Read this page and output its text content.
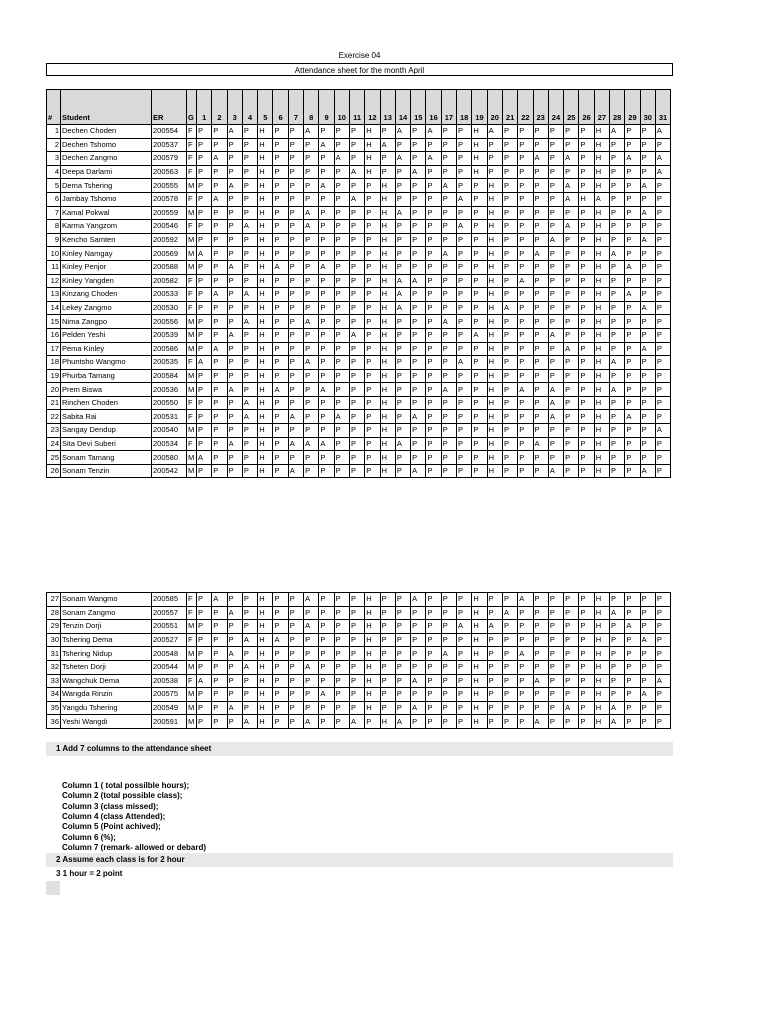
Exercise 04
Attendance sheet for the month April
#	Student	ER	G	1	2	3	4	5	6	7	8	9	10	11	12	13	14	15	16	17	18	19	20	21	22	23	24	25	26	27	28	29	30	31
1	Dechen Choden	200554	F	P	P	A	P	H	P	P	A	P	P	P	H	P	A	P	A	P	P	H	A	P	P	P	P	P	P	H	A	P	P	A
2	Dechen Tshomo	200537	F	P	P	P	P	H	P	P	P	A	P	P	H	A	P	P	P	P	P	H	P	P	P	P	P	P	P	H	P	P	P	P
3	Dechen Zangmo	200579	F	P	A	P	P	H	P	P	P	P	A	P	H	P	A	P	A	P	P	H	P	P	P	A	P	A	P	H	P	A	P	A
4	Deepa Darlami	200563	F	P	P	P	P	H	P	P	P	P	P	A	H	P	P	A	P	P	P	H	P	P	P	P	P	P	P	H	P	P	P	A
5	Dema Tshering	200555	M	P	P	A	P	H	P	P	P	A	P	P	P	H	P	P	P	A	P	P	H	P	P	P	P	A	P	H	P	P	A	P
6	Jambay Tshomo	200578	F	P	A	P	P	H	P	P	P	P	P	A	P	H	P	P	P	P	A	P	H	P	P	P	P	A	H	A	P	P	P	P
7	Kamal Pokwal	200559	M	P	P	P	P	H	P	P	A	P	P	P	P	H	A	P	P	P	P	P	H	P	P	P	P	P	P	H	P	P	A	P
8	Karma Yangzom	200546	F	P	P	P	A	H	P	P	A	P	P	P	P	H	P	P	P	P	A	P	H	P	P	P	P	A	P	H	P	P	P	P
9	Kencho Samten	200592	M	P	P	P	P	H	P	P	P	P	P	P	P	H	P	P	P	P	P	P	H	P	P	P	A	P	P	H	P	P	A	P
10	Kinley Namgay	200569	M	A	P	P	P	H	P	P	P	P	P	P	P	H	P	P	P	A	P	P	H	P	P	A	P	P	P	H	A	P	P	P
11	Kinley Penjor	200588	M	P	P	A	P	H	A	P	P	A	P	P	P	H	P	P	P	P	P	P	H	P	P	P	P	P	P	H	P	A	P	P
12	Kinley Yangden	200582	F	P	P	P	P	H	P	P	P	P	P	P	P	H	A	A	P	P	P	P	H	P	A	P	P	P	P	H	P	P	P	P
13	Kinzang Choden	200533	F	P	A	P	A	H	P	P	P	P	P	P	P	H	A	P	P	P	P	P	H	P	P	P	P	P	P	H	P	A	P	P
14	Lekey Zangmo	200530	F	P	P	P	P	H	P	P	P	P	P	P	P	H	A	P	P	P	P	P	H	A	P	P	P	P	P	H	P	P	A	P
15	Nima Zangpo	200556	M	P	P	P	A	H	P	P	A	P	P	P	P	H	P	P	P	A	P	P	H	P	P	P	P	P	P	H	P	P	P	P
16	Pelden Yeshi	200539	M	P	P	A	P	H	P	P	P	P	P	A	P	H	P	P	P	P	P	A	H	P	P	P	A	P	P	H	P	P	P	P
17	Pema Kinley	200586	M	P	A	P	P	H	P	P	P	P	P	P	P	H	P	P	P	P	P	P	H	P	P	P	P	A	P	H	P	P	A	P
18	Phuntsho Wangmo	200535	F	A	P	P	P	H	P	P	A	P	P	P	P	H	P	P	P	P	A	P	H	P	P	P	P	P	P	H	A	P	P	P
19	Phurba Tamang	200584	M	P	P	P	P	H	P	P	P	P	P	P	P	H	P	P	P	P	P	P	H	P	P	P	P	P	P	H	P	P	P	P
20	Prem Biswa	200536	M	P	P	A	P	H	A	P	P	A	P	P	P	H	P	P	P	A	P	P	H	P	A	P	A	P	P	H	A	P	P	P
21	Rinchen Choden	200550	F	P	P	P	A	H	P	P	P	P	P	P	P	H	P	P	P	P	P	P	H	P	P	P	A	P	P	H	P	P	P	P
22	Sabita Rai	200531	F	P	P	P	A	H	P	A	P	P	A	P	P	H	P	A	P	P	P	P	H	P	P	P	A	P	P	H	P	A	P	P
23	Sangay Dendup	200540	M	P	P	P	P	H	P	P	P	P	P	P	P	H	P	P	P	P	P	P	H	P	P	P	P	P	P	H	P	P	P	A
24	Sita Devi Suberi	200534	F	P	P	A	P	H	P	A	A	A	P	P	P	H	A	P	P	P	P	P	H	P	P	A	P	P	P	H	P	P	P	P
25	Sonam Tamang	200580	M	A	P	P	P	H	P	P	P	P	P	P	P	H	P	P	P	P	P	P	H	P	P	P	P	P	P	H	P	P	P	P
26	Sonam Tenzin	200542	M	P	P	P	P	H	P	A	P	P	P	P	P	H	P	A	P	P	P	P	H	P	P	P	A	P	P	H	P	P	A	P
27	Sonam Wangmo	200585	F	P	A	P	P	H	P	P	A	P	P	P	H	P	P	A	P	P	P	H	P	P	A	P	P	P	P	H	P	P	P	P
28	Sonam Zangmo	200557	F	P	P	A	P	H	P	P	P	P	P	P	H	P	P	P	P	P	P	H	P	A	P	P	P	P	P	H	A	P	P	P
29	Tenzin Dorji	200551	M	P	P	P	P	H	P	P	A	P	P	P	H	P	P	P	P	P	A	H	A	P	P	P	P	P	P	H	P	A	P	P
30	Tshering Dema	200527	F	P	P	P	A	H	A	P	P	P	P	P	H	P	P	P	P	P	P	H	P	P	P	P	P	P	P	H	P	P	A	P
31	Tshering Nidup	200548	M	P	P	A	P	H	P	P	P	P	P	P	H	P	P	P	P	A	P	H	P	P	A	P	P	P	P	H	P	P	P	P
32	Tsheten Dorji	200544	M	P	P	P	A	H	P	P	A	P	P	P	H	P	P	P	P	P	P	H	P	P	P	P	P	P	P	H	P	P	P	P
33	Wangchuk Dema	200538	F	A	P	P	P	H	P	P	P	P	P	P	H	P	P	A	P	P	P	H	P	P	P	A	P	P	P	H	P	P	P	A
34	Wangda Rinzin	200575	M	P	P	P	P	H	P	P	P	A	P	P	H	P	P	P	P	P	P	H	P	P	P	P	P	P	P	H	P	P	A	P
35	Yangdu Tshering	200549	M	P	P	A	P	H	P	P	P	P	P	P	H	P	P	A	P	P	P	H	P	P	P	P	P	A	P	H	A	P	P	P
36	Yeshi Wangdi	200591	M	P	P	P	A	H	P	P	A	P	P	A	P	H	A	P	P	P	P	H	P	P	P	A	P	P	P	H	A	P	P	P
1 Add 7 columns to the attendance sheet
Column 1 ( total possilble hours);
Column 2 (total possible class);
Column 3 (class missed);
Column 4 (class Attended);
Column 5 (Point achived);
Column 6 (%);
Column 7 (remark- allowed or debard)
2 Assume each class is for 2 hour
3 1 hour = 2 point
